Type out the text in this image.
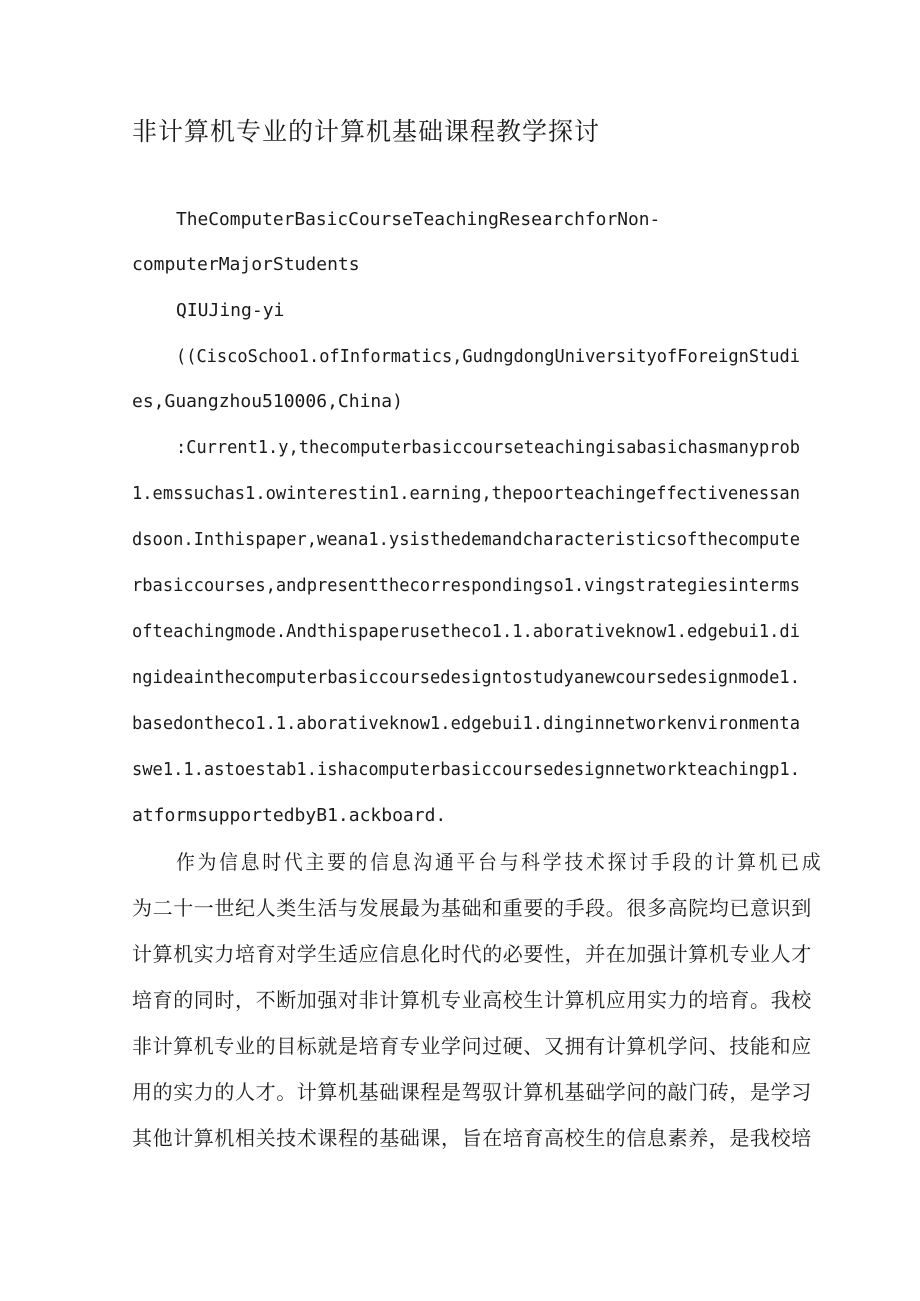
非计算机专业的计算机基础课程教学探讨
TheComputerBasicCourseTeachingResearchforNon-
computerMajorStudents
QIUJing-yi
((CiscoSchoo1.ofInformatics,GudngdongUniversityofForeignStudi
es,Guangzhou510006,China)
:Current1.y,thecomputerbasiccourseteachingisabasichasmanyprob
1.emssuchas1.owinterestin1.earning,thepoorteachingeffectivenessan
dsoon.Inthispaper,weana1.ysisthedemandcharacteristicsofthecompute
rbasiccourses,andpresentthecorrespondingso1.vingstrategiesinterms
ofteachingmode.Andthispaperusetheco1.1.aborativeknow1.edgebui1.di
ngideainthecomputerbasiccoursedesigntostudyanewcoursedesignmode1.
basedontheco1.1.aborativeknow1.edgebui1.dinginnetworkenvironmenta
swe1.1.astoestab1.ishacomputerbasiccoursedesignnetworkteachingp1.
atformsupportedbyB1.ackboard.
作为信息时代主要的信息沟通平台与科学技术探讨手段的计算机已成
为二十一世纪人类生活与发展最为基础和重要的手段。很多高院均已意识到
计算机实力培育对学生适应信息化时代的必要性，并在加强计算机专业人才
培育的同时，不断加强对非计算机专业高校生计算机应用实力的培育。我校
非计算机专业的目标就是培育专业学问过硬、又拥有计算机学问、技能和应
用的实力的人才。计算机基础课程是驾驭计算机基础学问的敲门砖，是学习
其他计算机相关技术课程的基础课，旨在培育高校生的信息素养，是我校培
